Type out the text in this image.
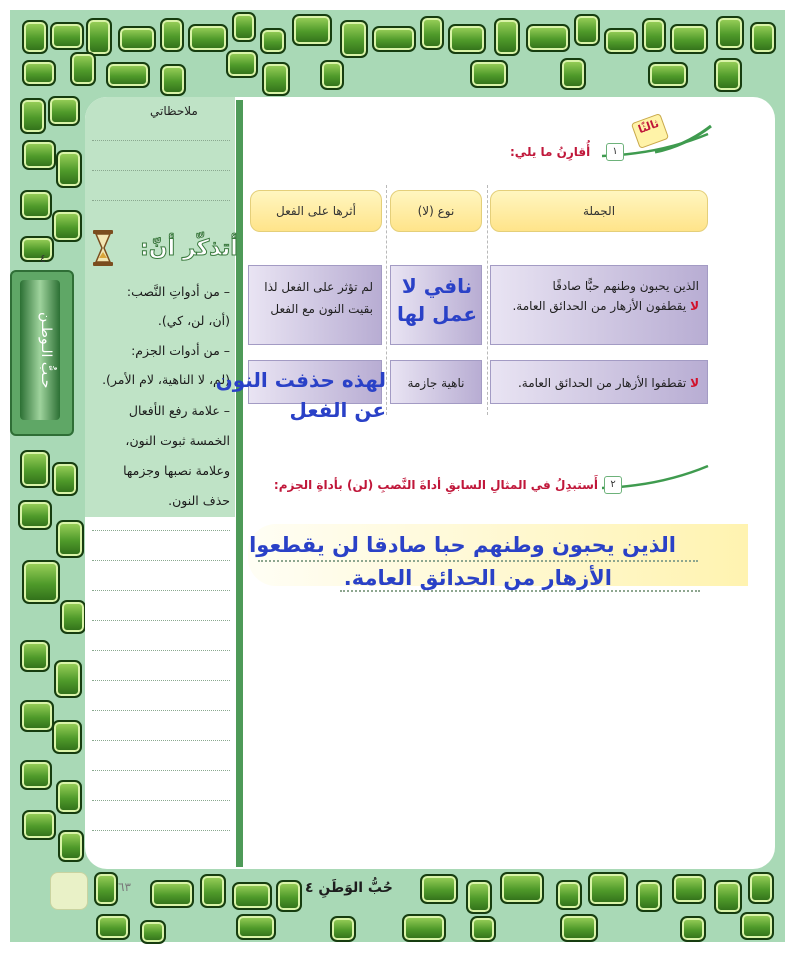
ملاحظاتي
٤
حـبُّ الـوطـن
أتذكّر أنّ:
– من أدواتِ النَّصب:
(أن، لن، كي).
– من أدوات الجزم:
(لم، لا الناهية، لام الأمر).
– علامة رفع الأفعال
الخمسة ثبوت النون،
وعلامة نصبها وجزمها
حذف النون.
ثالثًا
١
أُقارِنُ ما يلي:
الجملة
نوع (لا)
أثرها على الفعل
الذين يحبون وطنهم حبًّا صادقًا
لا يقطفون الأزهار من الحدائق العامة.
نافي لا عمل لها
لم تؤثر على الفعل لذا بقيت النون مع الفعل
لا تقطفوا الأزهار من الحدائق العامة.
ناهية جازمة
لهذه حذفت النون
عن الفعل
٢
أَستبدِلُ في المثالِ السابقِ أداةَ النَّصبِ (لن) بأداةِ الجزم:
الذين يحبون وطنهم حبا صادقا لن يقطعوا
الأزهار من الحدائق العامة.
٦٣	حُبُّ الوَطَنِ ٤
